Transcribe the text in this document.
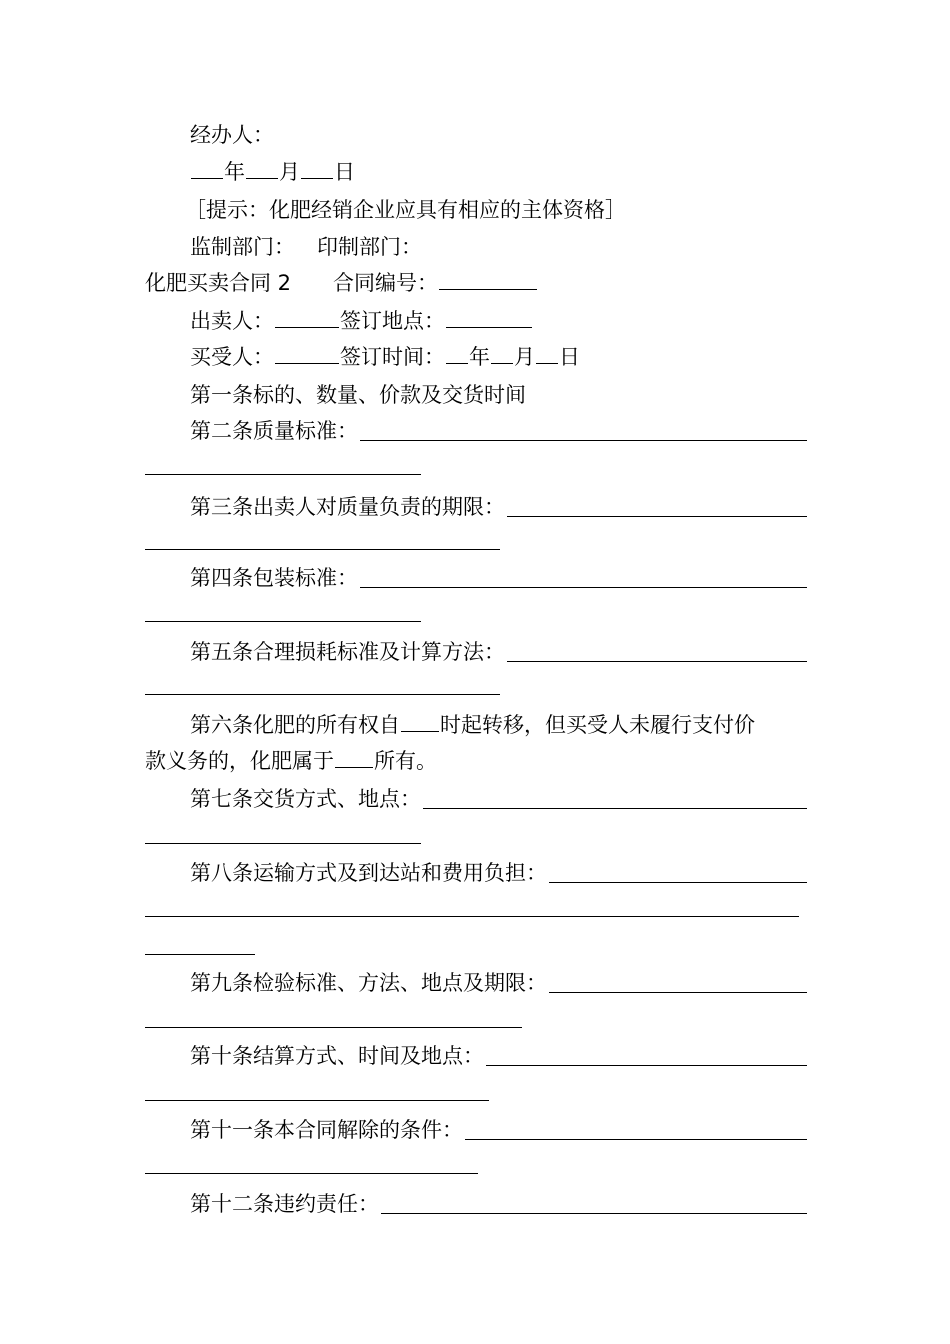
经办人：
年 月 日
［提示：化肥经销企业应具有相应的主体资格］
监制部门： 印制部门：
化肥买卖合同 2 合同编号：
出卖人：	签订地点：
买受人：	签订时间： 年 月 日
第一条标的、数量、价款及交货时间
第二条质量标准：
第三条出卖人对质量负责的期限：
第四条包装标准：
第五条合理损耗标准及计算方法：
第六条化肥的所有权自 时起转移，但买受人未履行支付价
款义务的，化肥属于 所有。
第七条交货方式、地点：
第八条运输方式及到达站和费用负担：
第九条检验标准、方法、地点及期限：
第十条结算方式、时间及地点：
第十一条本合同解除的条件：
第十二条违约责任：
